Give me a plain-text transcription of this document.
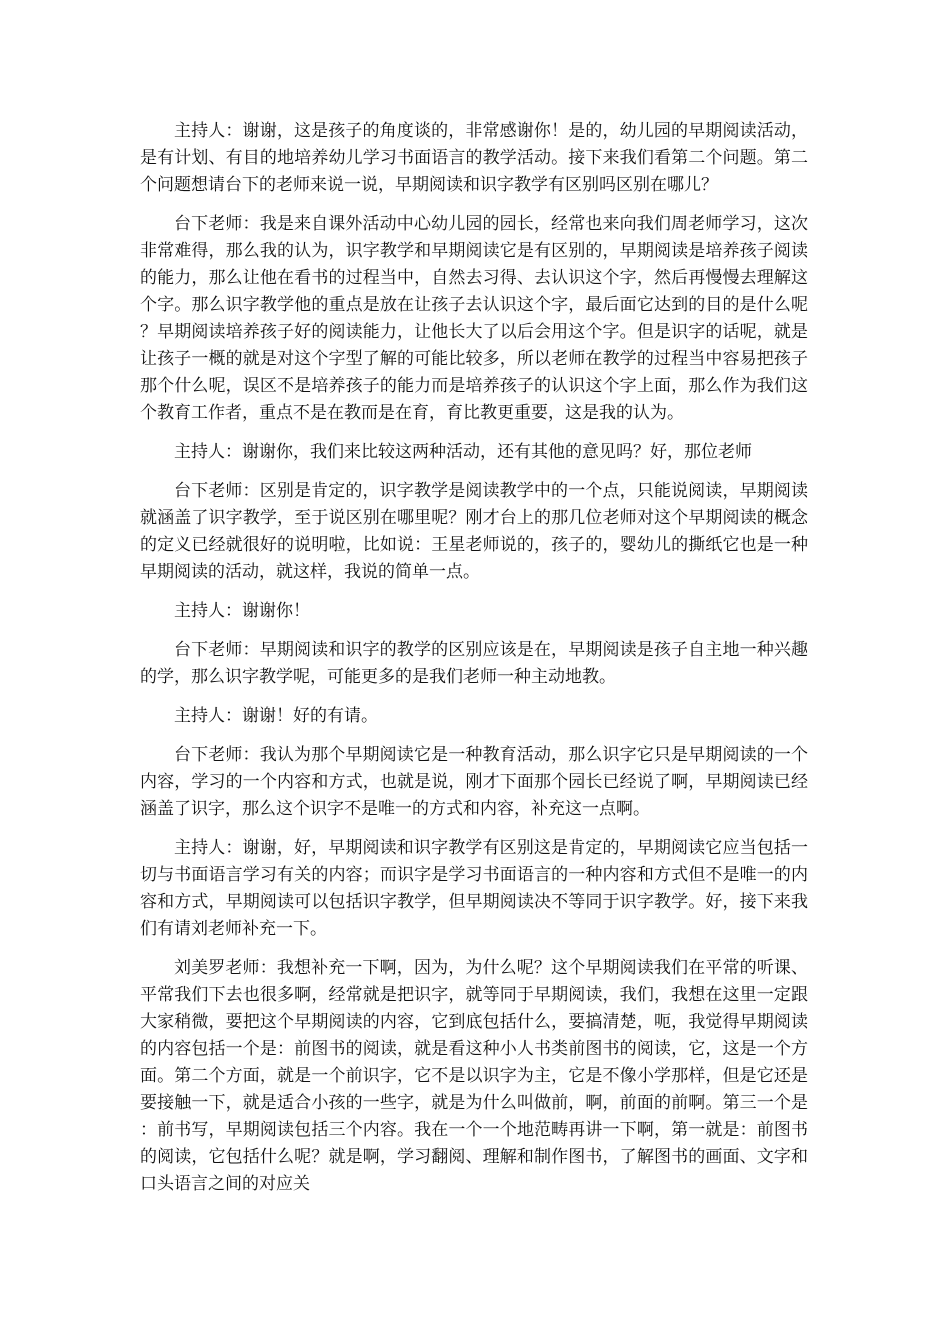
主持人：谢谢，这是孩子的角度谈的，非常感谢你！是的，幼儿园的早期阅读活动，是有计划、有目的地培养幼儿学习书面语言的教学活动。接下来我们看第二个问题。第二个问题想请台下的老师来说一说，早期阅读和识字教学有区别吗区别在哪儿？

台下老师：我是来自课外活动中心幼儿园的园长，经常也来向我们周老师学习，这次非常难得，那么我的认为，识字教学和早期阅读它是有区别的，早期阅读是培养孩子阅读的能力，那么让他在看书的过程当中，自然去习得、去认识这个字，然后再慢慢去理解这个字。那么识字教学他的重点是放在让孩子去认识这个字，最后面它达到的目的是什么呢？早期阅读培养孩子好的阅读能力，让他长大了以后会用这个字。但是识字的话呢，就是让孩子一概的就是对这个字型了解的可能比较多，所以老师在教学的过程当中容易把孩子那个什么呢，误区不是培养孩子的能力而是培养孩子的认识这个字上面，那么作为我们这个教育工作者，重点不是在教而是在育，育比教更重要，这是我的认为。

主持人：谢谢你，我们来比较这两种活动，还有其他的意见吗？好，那位老师

台下老师：区别是肯定的，识字教学是阅读教学中的一个点，只能说阅读，早期阅读就涵盖了识字教学，至于说区别在哪里呢？刚才台上的那几位老师对这个早期阅读的概念的定义已经就很好的说明啦，比如说：王星老师说的，孩子的，婴幼儿的撕纸它也是一种早期阅读的活动，就这样，我说的简单一点。

主持人：谢谢你！

台下老师：早期阅读和识字的教学的区别应该是在，早期阅读是孩子自主地一种兴趣的学，那么识字教学呢，可能更多的是我们老师一种主动地教。

主持人：谢谢！好的有请。

台下老师：我认为那个早期阅读它是一种教育活动，那么识字它只是早期阅读的一个内容，学习的一个内容和方式，也就是说，刚才下面那个园长已经说了啊，早期阅读已经涵盖了识字，那么这个识字不是唯一的方式和内容，补充这一点啊。

主持人：谢谢，好，早期阅读和识字教学有区别这是肯定的，早期阅读它应当包括一切与书面语言学习有关的内容；而识字是学习书面语言的一种内容和方式但不是唯一的内容和方式，早期阅读可以包括识字教学，但早期阅读决不等同于识字教学。好，接下来我们有请刘老师补充一下。

刘美罗老师：我想补充一下啊，因为，为什么呢？这个早期阅读我们在平常的听课、平常我们下去也很多啊，经常就是把识字，就等同于早期阅读，我们，我想在这里一定跟大家稍微，要把这个早期阅读的内容，它到底包括什么，要搞清楚，呃，我觉得早期阅读的内容包括一个是：前图书的阅读，就是看这种小人书类前图书的阅读，它，这是一个方面。第二个方面，就是一个前识字，它不是以识字为主，它是不像小学那样，但是它还是要接触一下，就是适合小孩的一些字，就是为什么叫做前，啊，前面的前啊。第三一个是：前书写，早期阅读包括三个内容。我在一个一个地范畴再讲一下啊，第一就是：前图书的阅读，它包括什么呢？就是啊，学习翻阅、理解和制作图书，了解图书的画面、文字和口头语言之间的对应关
